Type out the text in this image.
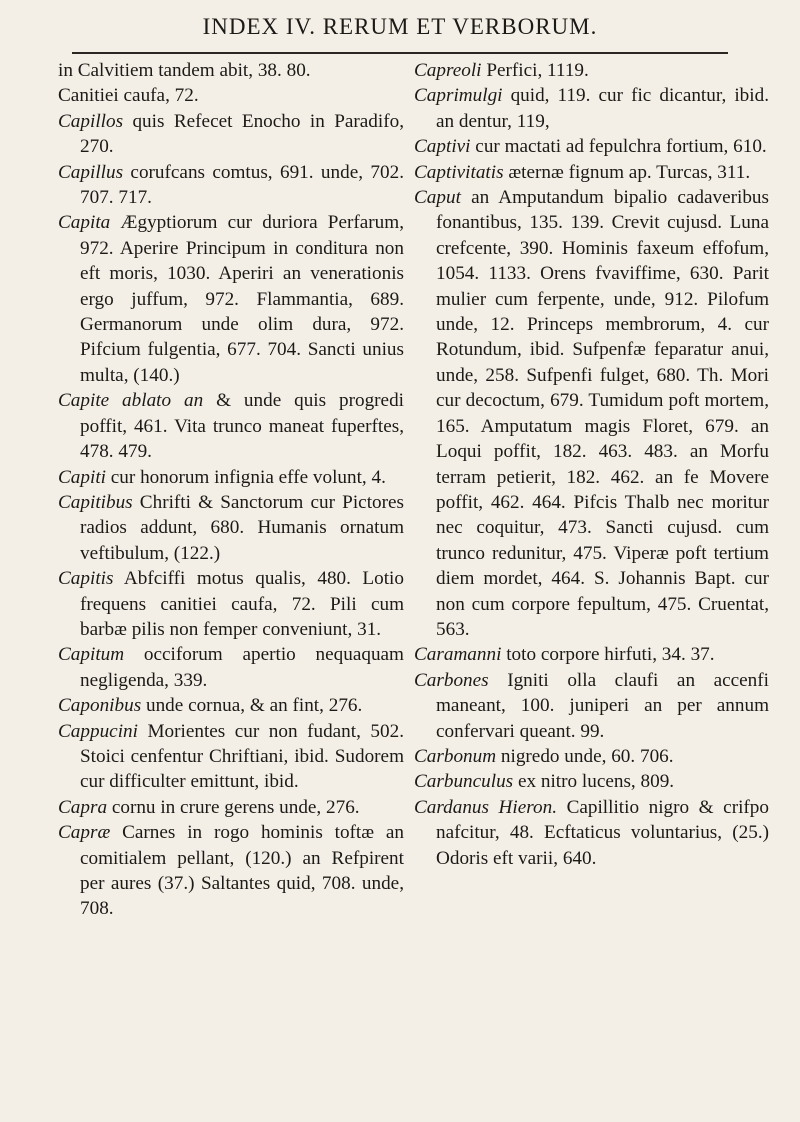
INDEX IV. RERUM ET VERBORUM.

in Calvitiem tandem abit, 38. 80.

Canitiei caufa, 72.

Capillos quis Refecet Enocho in Paradifo, 270.

Capillus corufcans comtus, 691. unde, 702. 707. 717.

Capita Ægyptiorum cur duriora Perfarum, 972. Aperire Principum in conditura non eft moris, 1030. Aperiri an venerationis ergo juffum, 972. Flammantia, 689. Germanorum unde olim dura, 972. Pifcium fulgentia, 677. 704. Sancti unius multa, (140.)

Capite ablato an & unde quis progredi poffit, 461. Vita trunco maneat fuperftes, 478. 479.

Capiti cur honorum infignia effe volunt, 4.

Capitibus Chrifti & Sanctorum cur Pictores radios addunt, 680. Humanis ornatum veftibulum, (122.)

Capitis Abfciffi motus qualis, 480. Lotio frequens canitiei caufa, 72. Pili cum barbæ pilis non femper conveniunt, 31.

Capitum occiforum apertio nequaquam negligenda, 339.

Caponibus unde cornua, & an fint, 276.

Cappucini Morientes cur non fudant, 502. Stoici cenfentur Chriftiani, ibid. Sudorem cur difficulter emittunt, ibid.

Capra cornu in crure gerens unde, 276.

Capræ Carnes in rogo hominis toftæ an comitialem pellant, (120.) an Refpirent per aures (37.) Saltantes quid, 708. unde, 708.

Capreoli Perfici, 1119.

Caprimulgi quid, 119. cur fic dicantur, ibid. an dentur, 119,

Captivi cur mactati ad fepulchra fortium, 610.

Captivitatis æternæ fignum ap. Turcas, 311.

Caput an Amputandum bipalio cadaveribus fonantibus, 135. 139. Crevit cujusd. Luna crefcente, 390. Hominis faxeum effofum, 1054. 1133. Orens fvaviffime, 630. Parit mulier cum ferpente, unde, 912. Pilofum unde, 12. Princeps membrorum, 4. cur Rotundum, ibid. Sufpenfæ feparatur anui, unde, 258. Sufpenfi fulget, 680. Th. Mori cur decoctum, 679. Tumidum poft mortem, 165. Amputatum magis Floret, 679. an Loqui poffit, 182. 463. 483. an Morfu terram petierit, 182. 462. an fe Movere poffit, 462. 464. Pifcis Thalb nec moritur nec coquitur, 473. Sancti cujusd. cum trunco redunitur, 475. Viperæ poft tertium diem mordet, 464. S. Johannis Bapt. cur non cum corpore fepultum, 475. Cruentat, 563.

Caramanni toto corpore hirfuti, 34. 37.

Carbones Igniti olla claufi an accenfi maneant, 100. juniperi an per annum confervari queant. 99.

Carbonum nigredo unde, 60. 706.

Carbunculus ex nitro lucens, 809.

Cardanus Hieron. Capillitio nigro & crifpo nafcitur, 48. Ecftaticus voluntarius, (25.) Odoris eft varii, 640.
